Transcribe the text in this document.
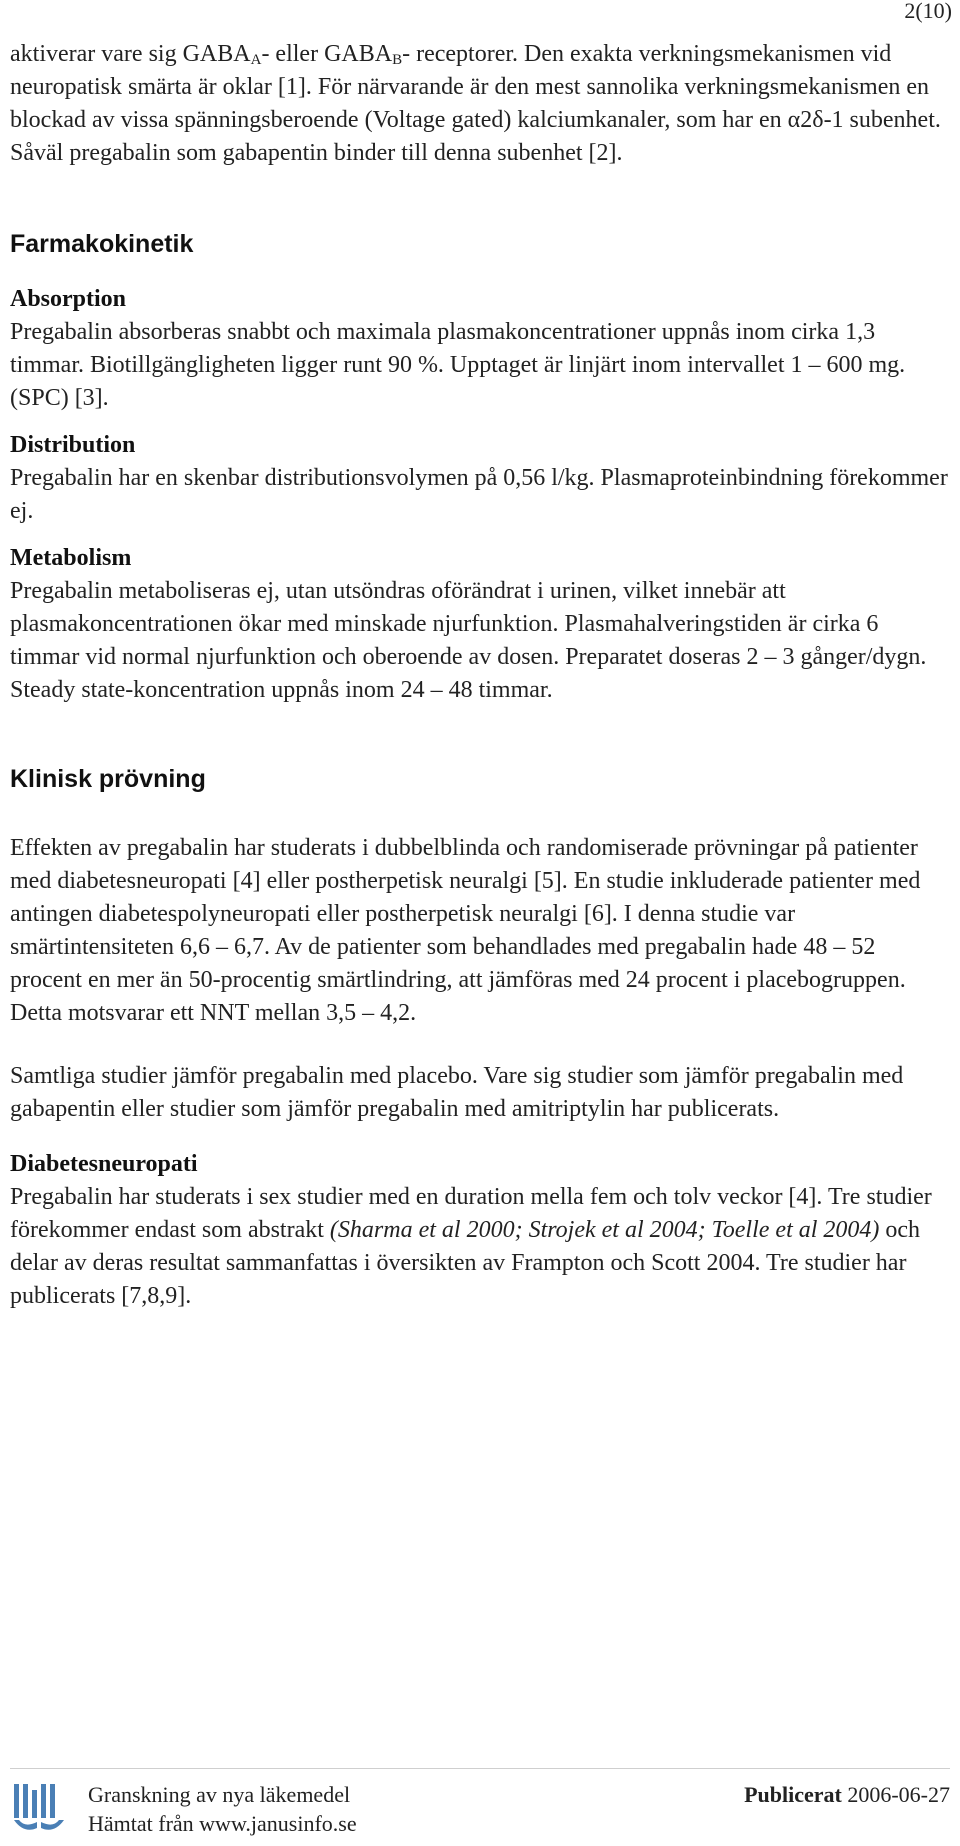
2(10)

aktiverar vare sig $GABA_A-$ eller $GABA_B-$ receptorer. Den exakta verkningsmekanismen vid neuropatisk smärta är oklar [1]. För närvarande är den mest sannolika verkningsmekanismen en blockad av vissa spänningsberoende (Voltage gated) kalciumkanaler, som har en α2δ-1 subenhet. Såväl pregabalin som gabapentin binder till denna subenhet [2].

Farmakokinetik
Absorption

Pregabalin absorberas snabbt och maximala plasmakoncentrationer uppnås inom cirka 1,3 timmar. Biotillgängligheten ligger runt 90 %. Upptaget är linjärt inom intervallet 1 – 600 mg. (SPC) [3].

Distribution

Pregabalin har en skenbar distributionsvolymen på 0,56 l/kg. Plasmaproteinbindning förekommer ej.

Metabolism

Pregabalin metaboliseras ej, utan utsöndras oförändrat i urinen, vilket innebär att plasmakoncentrationen ökar med minskade njurfunktion. Plasmahalveringstiden är cirka 6 timmar vid normal njurfunktion och oberoende av dosen. Preparatet doseras 2 – 3 gånger/dygn. Steady state-koncentration uppnås inom 24 – 48 timmar.

Klinisk prövning

Effekten av pregabalin har studerats i dubbelblinda och randomiserade prövningar på patienter med diabetesneuropati [4] eller postherpetisk neuralgi [5]. En studie inkluderade patienter med antingen diabetespolyneuropati eller postherpetisk neuralgi [6]. I denna studie var smärtintensiteten 6,6 – 6,7. Av de patienter som behandlades med pregabalin hade 48 – 52 procent en mer än 50-procentig smärtlindring, att jämföras med 24 procent i placebogruppen. Detta motsvarar ett NNT mellan 3,5 – 4,2.

Samtliga studier jämför pregabalin med placebo. Vare sig studier som jämför pregabalin med gabapentin eller studier som jämför pregabalin med amitriptylin har publicerats.

Diabetesneuropati

Pregabalin har studerats i sex studier med en duration mella fem och tolv veckor [4]. Tre studier förekommer endast som abstrakt (Sharma et al 2000; Strojek et al 2004; Toelle et al 2004) och delar av deras resultat sammanfattas i översikten av Frampton och Scott 2004. Tre studier har publicerats [7,8,9].

Granskning av nya läkemedel
Hämtat från www.janusinfo.se
Publicerat 2006-06-27
